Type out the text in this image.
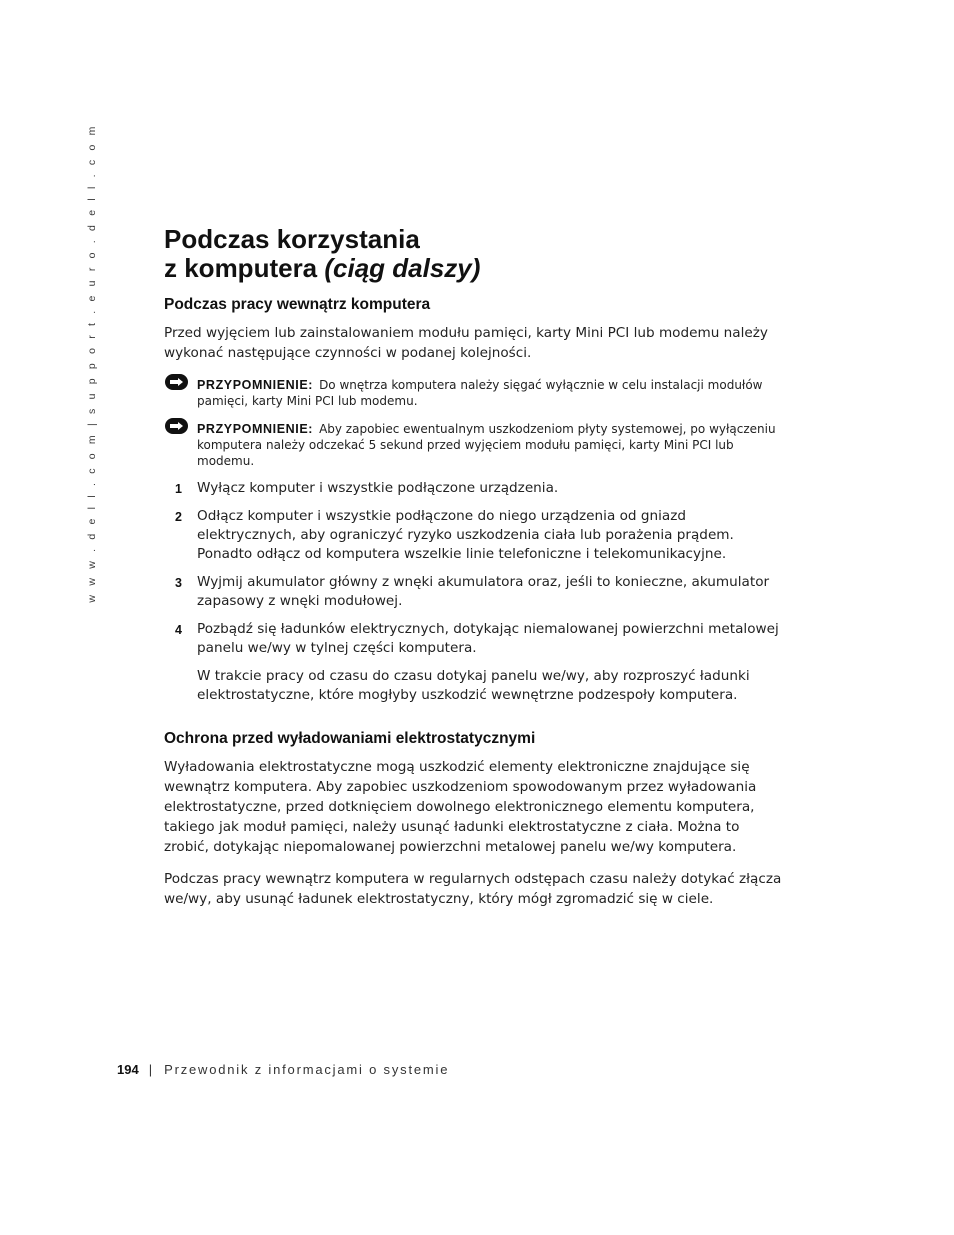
w w w . d e l l . c o m | s u p p o r t . e u r o . d e l l . c o m	Podczas korzystania
z komputera (ciąg dalszy)
Podczas pracy wewnątrz komputera

Przed wyjęciem lub zainstalowaniem modułu pamięci, karty Mini PCI lub modemu należy wykonać następujące czynności w podanej kolejności.

PRZYPOMNIENIE: Do wnętrza komputera należy sięgać wyłącznie w celu instalacji modułów pamięci, karty Mini PCI lub modemu.
PRZYPOMNIENIE: Aby zapobiec ewentualnym uszkodzeniom płyty systemowej, po wyłączeniu komputera należy odczekać 5 sekund przed wyjęciem modułu pamięci, karty Mini PCI lub modemu.
1 Wyłącz komputer i wszystkie podłączone urządzenia.
2 Odłącz komputer i wszystkie podłączone do niego urządzenia od gniazd elektrycznych, aby ograniczyć ryzyko uszkodzenia ciała lub porażenia prądem. Ponadto odłącz od komputera wszelkie linie telefoniczne i telekomunikacyjne.
3 Wyjmij akumulator główny z wnęki akumulatora oraz, jeśli to konieczne, akumulator zapasowy z wnęki modułowej.
4 Pozbądź się ładunków elektrycznych, dotykając niemalowanej powierzchni metalowej panelu we/wy w tylnej części komputera.
W trakcie pracy od czasu do czasu dotykaj panelu we/wy, aby rozproszyć ładunki elektrostatyczne, które mogłyby uszkodzić wewnętrzne podzespoły komputera.
Ochrona przed wyładowaniami elektrostatycznymi

Wyładowania elektrostatyczne mogą uszkodzić elementy elektroniczne znajdujące się wewnątrz komputera. Aby zapobiec uszkodzeniom spowodowanym przez wyładowania elektrostatyczne, przed dotknięciem dowolnego elektronicznego elementu komputera, takiego jak moduł pamięci, należy usunąć ładunki elektrostatyczne z ciała. Można to zrobić, dotykając niepomalowanej powierzchni metalowej panelu we/wy komputera.

Podczas pracy wewnątrz komputera w regularnych odstępach czasu należy dotykać złącza we/wy, aby usunąć ładunek elektrostatyczny, który mógł zgromadzić się w ciele.

194 | Przewodnik z informacjami o systemie
